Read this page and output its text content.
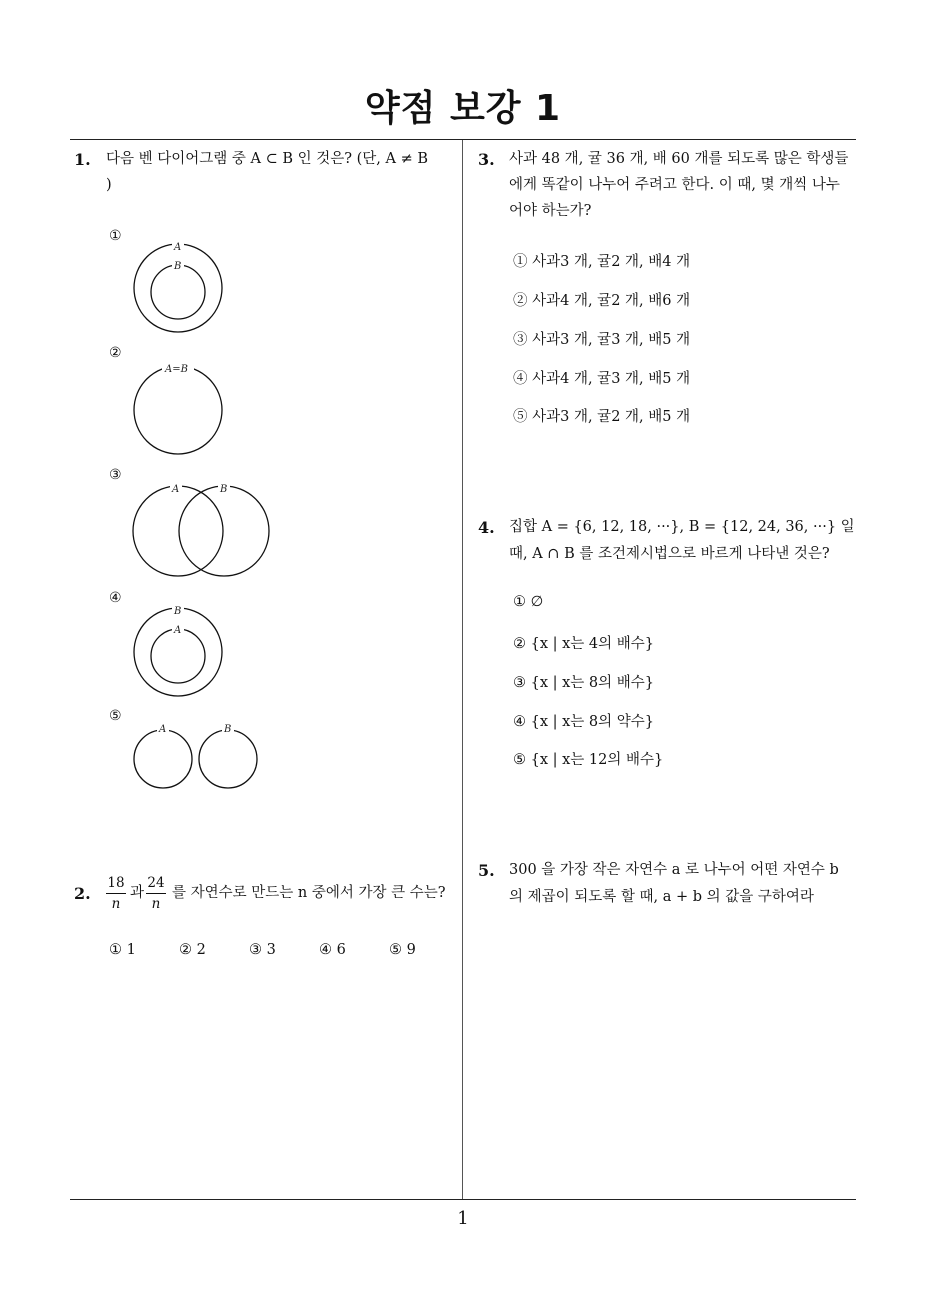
약점 보강 1
1. 다음 벤 다이어그램 중 A ⊂ B 인 것은? (단, A ≠ B
)
①
A
B
②
A=B
③
A	B
④
B
A
⑤
A	B
2.
18
n
과
24
n
를 자연수로 만드는 n 중에서 가장 큰 수는?
① 1	② 2	③ 3	④ 6	⑤ 9
3. 사과 48 개, 귤 36 개, 배 60 개를 되도록 많은 학생들
에게 똑같이 나누어 주려고 한다. 이 때, 몇 개씩 나누
어야 하는가?
① 사과3 개, 귤2 개, 배4 개
② 사과4 개, 귤2 개, 배6 개
③ 사과3 개, 귤3 개, 배5 개
④ 사과4 개, 귤3 개, 배5 개
⑤ 사과3 개, 귤2 개, 배5 개
4. 집합 A = {6, 12, 18, ···}, B = {12, 24, 36, ···} 일
때, A ∩ B 를 조건제시법으로 바르게 나타낸 것은?
① ∅
② {x | x는 4의 배수}
③ {x | x는 8의 배수}
④ {x | x는 8의 약수}
⑤ {x | x는 12의 배수}
5. 300 을 가장 작은 자연수 a 로 나누어 어떤 자연수 b
의 제곱이 되도록 할 때, a + b 의 값을 구하여라
1
